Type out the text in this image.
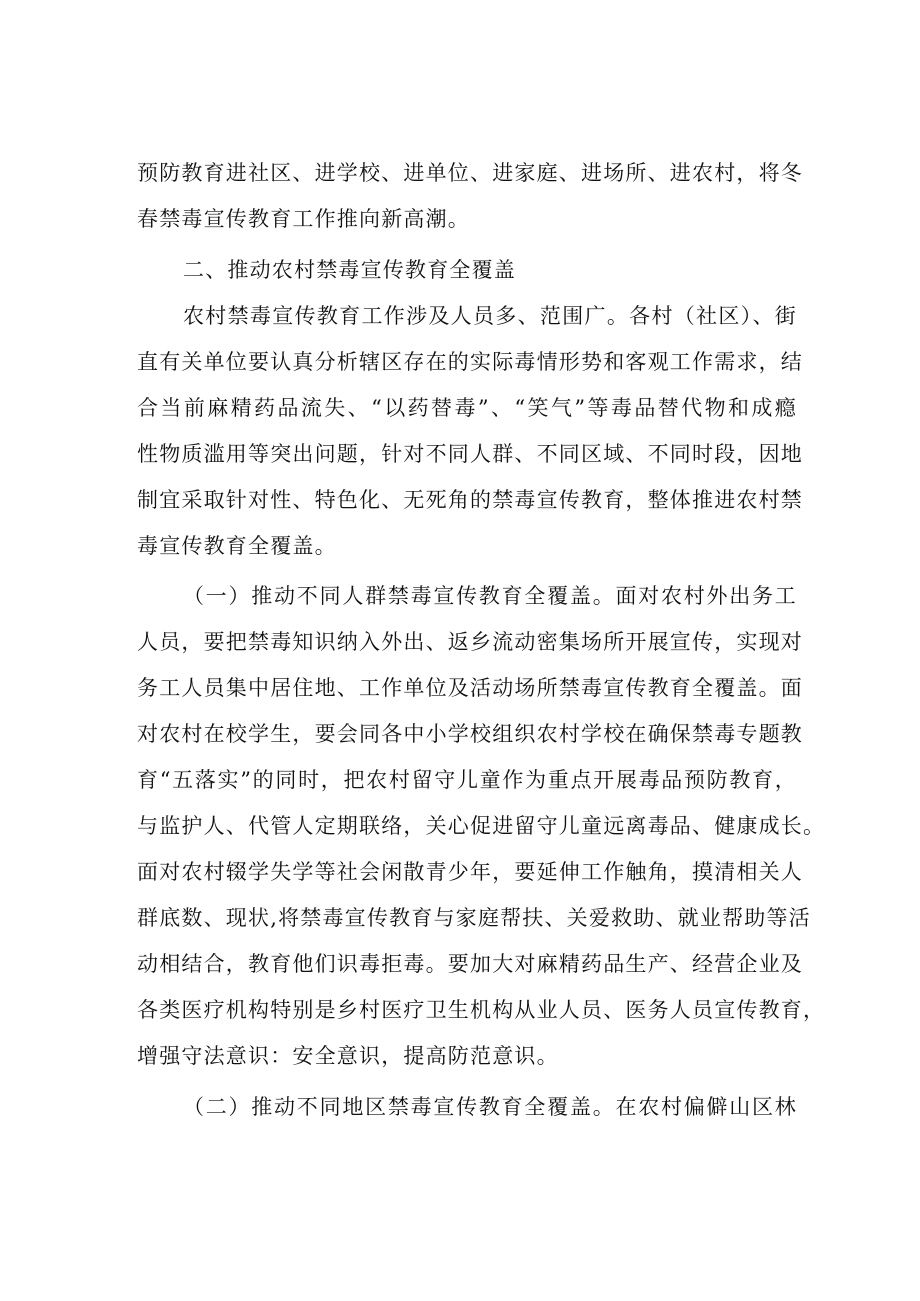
预防教育进社区、进学校、进单位、进家庭、进场所、进农村，将冬
春禁毒宣传教育工作推向新高潮。
二、推动农村禁毒宣传教育全覆盖
农村禁毒宣传教育工作涉及人员多、范围广。各村（社区）、街
直有关单位要认真分析辖区存在的实际毒情形势和客观工作需求，结
合当前麻精药品流失、“以药替毒”、“笑气”等毒品替代物和成瘾
性物质滥用等突出问题，针对不同人群、不同区域、不同时段，因地
制宜采取针对性、特色化、无死角的禁毒宣传教育，整体推进农村禁
毒宣传教育全覆盖。
（一）推动不同人群禁毒宣传教育全覆盖。面对农村外出务工
人员，要把禁毒知识纳入外出、返乡流动密集场所开展宣传，实现对
务工人员集中居住地、工作单位及活动场所禁毒宣传教育全覆盖。面
对农村在校学生，要会同各中小学校组织农村学校在确保禁毒专题教
育“五落实”的同时，把农村留守儿童作为重点开展毒品预防教育，
与监护人、代管人定期联络，关心促进留守儿童远离毒品、健康成长。
面对农村辍学失学等社会闲散青少年，要延伸工作触角，摸清相关人
群底数、现状,将禁毒宣传教育与家庭帮扶、关爱救助、就业帮助等活
动相结合，教育他们识毒拒毒。要加大对麻精药品生产、经营企业及
各类医疗机构特别是乡村医疗卫生机构从业人员、医务人员宣传教育，
增强守法意识：安全意识，提高防范意识。
（二）推动不同地区禁毒宣传教育全覆盖。在农村偏僻山区林
